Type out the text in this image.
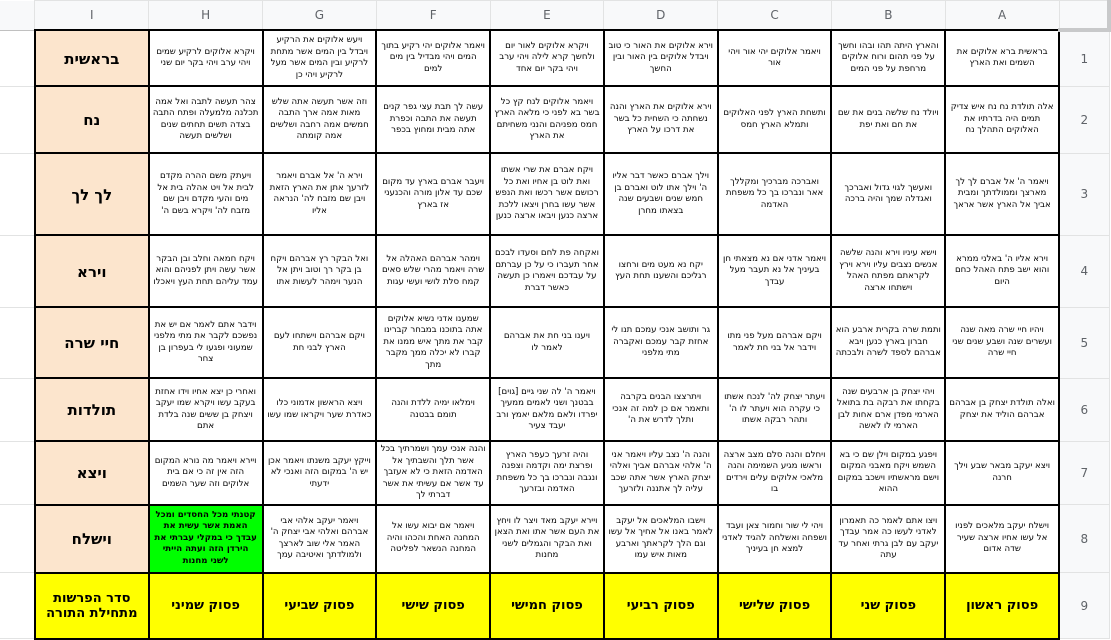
	I	H	G	F	E	D	C	B	A	
	בראשית	ויקרא אלוקים לרקיע שמים ויהי ערב ויהי בקר יום שני	ויעש אלוקים את הרקיע ויבדל בין המים אשר מתחת לרקיע ובין המים אשר מעל לרקיע ויהי כן	ויאמר אלוקים יהי רקיע בתוך המים ויהי מבדיל בין מים למים	ויקרא אלוקים לאור יום ולחשך קרא לילה ויהי ערב ויהי בקר יום אחד	וירא אלוקים את האור כי טוב ויבדל אלוקים בין האור ובין החשך	ויאמר אלוקים יהי אור ויהי אור	והארץ היתה תהו ובהו וחשך על פני תהום ורוח אלוקים מרחפת על פני המים	בראשית ברא אלוקים את השמים ואת הארץ	1
	נח	צהר תעשה לתבה ואל אמה תכלנה מלמעלה ופתח התבה בצדה תשים תחתים שנים ושלשים תעשה	וזה אשר תעשה אתה שלש מאות אמה ארך התבה חמשים אמה רחבה ושלשים אמה קומתה	עשה לך תבת עצי גפר קנים תעשה את התבה וכפרת אתה מבית ומחוץ בכפר	ויאמר אלוקים לנח קץ כל בשר בא לפני כי מלאה הארץ חמס מפניהם והנני משחיתם את הארץ	וירא אלוקים את הארץ והנה נשחתה כי השחית כל בשר את דרכו על הארץ	ותשחת הארץ לפני האלוקים ותמלא הארץ חמס	ויולד נח שלשה בנים את שם את חם ואת יפת	אלה תולדת נח נח איש צדיק תמים היה בדרתיו את האלוקים התהלך נח	2
	לך לך	ויעתק משם ההרה מקדם לבית אל ויט אהלה בית אל מים והעי מקדם ויבן שם מזבח לה' ויקרא בשם ה'	וירא ה' אל אברם ויאמר לזרעך אתן את הארץ הזאת ויבן שם מזבח לה' הנראה אליו	ויעבר אברם בארץ עד מקום שכם עד אלון מורה והכנעני אז בארץ	ויקח אברם את שרי אשתו ואת לוט בן אחיו ואת כל רכושם אשר רכשו ואת הנפש אשר עשו בחרן ויצאו ללכת ארצה כנען ויבאו ארצה כנען	וילך אברם כאשר דבר אליו ה' וילך אתו לוט ואברם בן חמש שנים ושבעים שנה בצאתו מחרן	ואברכה מברכיך ומקללך אאר ונברכו בך כל משפחת האדמה	ואעשך לגוי גדול ואברכך ואגדלה שמך והיה ברכה	ויאמר ה' אל אברם לך לך מארצך וממולדתך ומבית אביך אל הארץ אשר אראך	3
	וירא	ויקח חמאה וחלב ובן הבקר אשר עשה ויתן לפניהם והוא עמד עליהם תחת העץ ויאכלו	ואל הבקר רץ אברהם ויקח בן בקר רך וטוב ויתן אל הנער וימהר לעשות אתו	וימהר אברהם האהלה אל שרה ויאמר מהרי שלש סאים קמח סלת לושי ועשי עגות	ואקחה פת לחם וסעדו לבכם אחר תעברו כי על כן עברתם על עבדכם ויאמרו כן תעשה כאשר דברת	יקח נא מעט מים ורחצו רגליכם והשענו תחת העץ	ויאמר אדני אם נא מצאתי חן בעיניך אל נא תעבר מעל עבדך	וישא עיניו וירא והנה שלשה אנשים נצבים עליו וירא וירץ לקראתם מפתח האהל וישתחו ארצה	וירא אליו ה' באלני ממרא והוא ישב פתח האהל כחם היום	4
	חיי שרה	וידבר אתם לאמר אם יש את נפשכם לקבר את מתי מלפני שמעוני ופגעו לי בעפרון בן צחר	ויקם אברהם וישתחו לעם הארץ לבני חת	שמענו אדני נשיא אלוקים אתה בתוכנו במבחר קברינו קבר את מתך איש ממנו את קברו לא יכלה ממך מקבר מתך	ויענו בני חת את אברהם לאמר לו	גר ותושב אנכי עמכם תנו לי אחזת קבר עמכם ואקברה מתי מלפני	ויקם אברהם מעל פני מתו וידבר אל בני חת לאמר	ותמת שרה בקרית ארבע הוא חברון בארץ כנען ויבא אברהם לספד לשרה ולבכתה	ויהיו חיי שרה מאה שנה ועשרים שנה ושבע שנים שני חיי שרה	5
	תולדות	ואחרי כן יצא אחיו וידו אחזת בעקב עשו ויקרא שמו יעקב ויצחק בן ששים שנה בלדת אתם	ויצא הראשון אדמוני כלו כאדרת שער ויקראו שמו עשו	וימלאו ימיה ללדת והנה תומם בבטנה	ויאמר ה' לה שני גיים [גוים] בבטנך ושני לאמים ממעיך יפרדו ולאם מלאם יאמץ ורב יעבד צעיר	ויתרצצו הבנים בקרבה ותאמר אם כן למה זה אנכי ותלך לדרש את ה'	ויעתר יצחק לה' לנכח אשתו כי עקרה הוא ויעתר לו ה' ותהר רבקה אשתו	ויהי יצחק בן ארבעים שנה בקחתו את רבקה בת בתואל הארמי מפדן ארם אחות לבן הארמי לו לאשה	ואלה תולדת יצחק בן אברהם אברהם הוליד את יצחק	6
	ויצא	ויירא ויאמר מה נורא המקום הזה אין זה כי אם בית אלוקים וזה שער השמים	וייקץ יעקב משנתו ויאמר אכן יש ה' במקום הזה ואנכי לא ידעתי	והנה אנכי עמך ושמרתיך בכל אשר תלך והשבתיך אל האדמה הזאת כי לא אעזבך עד אשר אם עשיתי את אשר דברתי לך	והיה זרעך כעפר הארץ ופרצת ימה וקדמה וצפנה ונגבה ונברכו בך כל משפחת האדמה ובזרעך	והנה ה' נצב עליו ויאמר אני ה' אלהי אברהם אביך ואלהי יצחק הארץ אשר אתה שכב עליה לך אתננה ולזרעך	ויחלם והנה סלם מצב ארצה וראשו מגיע השמימה והנה מלאכי אלוקים עלים וירדים בו	ויפגע במקום וילן שם כי בא השמש ויקח מאבני המקום וישם מראשתיו וישכב במקום ההוא	ויצא יעקב מבאר שבע וילך חרנה	7
	וישלח	קטנתי מכל החסדים ומכל האמת אשר עשית את עבדך כי במקלי עברתי את הירדן הזה ועתה הייתי לשני מחנות	ויאמר יעקב אלהי אבי אברהם ואלהי אבי יצחק ה' האמר אלי שוב לארצך ולמולדתך ואיטיבה עמך	ויאמר אם יבוא עשו אל המחנה האחת והכהו והיה המחנה הנשאר לפליטה	ויירא יעקב מאד ויצר לו ויחץ את העם אשר אתו ואת הצאן ואת הבקר והגמלים לשני מחנות	וישבו המלאכים אל יעקב לאמר באנו אל אחיך אל עשו וגם הלך לקראתך וארבע מאות איש עמו	ויהי לי שור וחמור צאן ועבד ושפחה ואשלחה להגיד לאדני למצא חן בעיניך	ויצו אתם לאמר כה תאמרון לאדני לעשו כה אמר עבדך יעקב עם לבן גרתי ואחר עד עתה	וישלח יעקב מלאכים לפניו אל עשו אחיו ארצה שעיר שדה אדום	8

	סדר הפרשות מתחילת התורה	פסוק שמיני	פסוק שביעי	פסוק שישי	פסוק חמישי	פסוק רביעי	פסוק שלישי	פסוק שני	פסוק ראשון	9
